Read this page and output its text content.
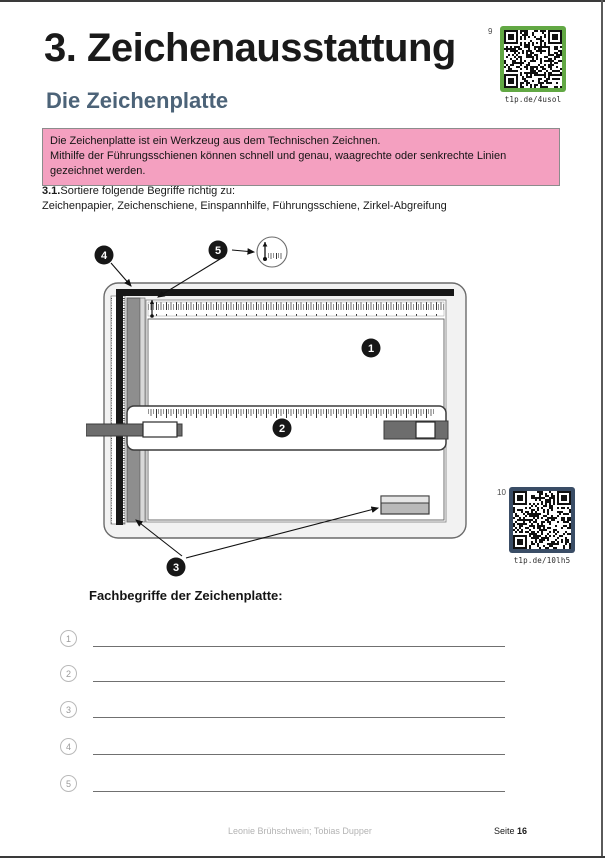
3. Zeichenausstattung
Die Zeichenplatte
9
t1p.de/4usol
10
t1p.de/10lh5

Die Zeichenplatte ist ein Werkzeug aus dem Technischen Zeichnen.

Mithilfe der Führungsschienen können schnell und genau, waagrechte oder senkrechte Linien

gezeichnet werden.

3.1.Sortiere folgende Begriffe richtig zu:
Zeichenpapier, Zeichenschiene, Einspannhilfe, Führungsschiene, Zirkel-Abgreifung
4	5
1
2
3
Fachbegriffe der Zeichenplatte:
1
2
3
4
5
Leonie Brühschwein; Tobias Dupper	Seite 16
